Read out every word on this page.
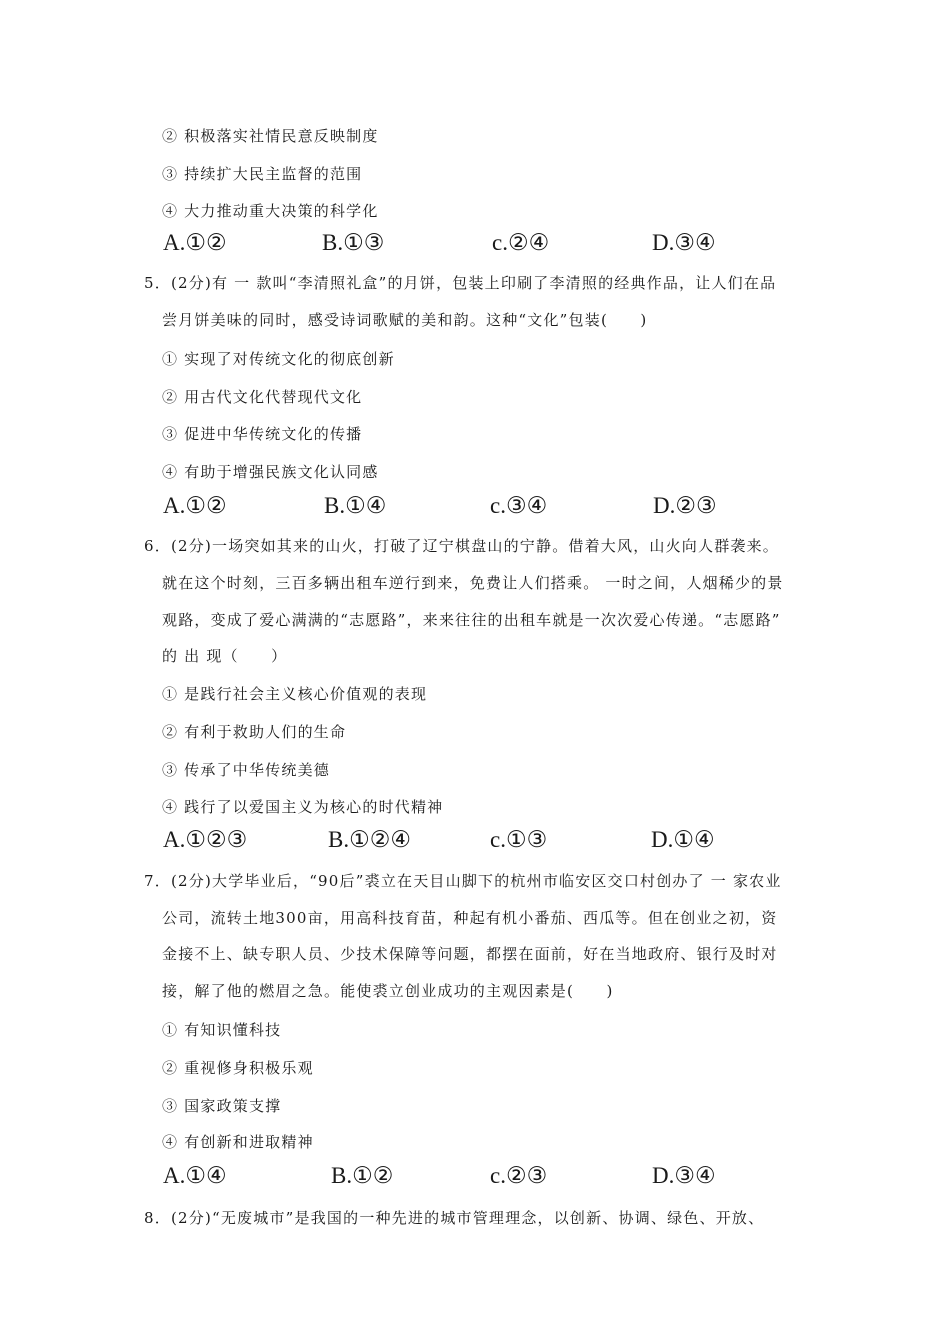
② 积极落实社情民意反映制度
③ 持续扩大民主监督的范围
④ 大力推动重大决策的科学化
A.①②	B.①③	c.②④	D.③④
5．(2分)有 一 款叫“李清照礼盒”的月饼，包装上印刷了李清照的经典作品，让人们在品
尝月饼美味的同时，感受诗词歌赋的美和韵。这种“文化”包装(　　)
① 实现了对传统文化的彻底创新
② 用古代文化代替现代文化
③ 促进中华传统文化的传播
④ 有助于增强民族文化认同感
A.①②	B.①④	c.③④	D.②③
6．(2分)一场突如其来的山火，打破了辽宁棋盘山的宁静。借着大风，山火向人群袭来。
就在这个时刻，三百多辆出租车逆行到来，免费让人们搭乘。 一时之间，人烟稀少的景
观路，变成了爱心满满的“志愿路”，来来往往的出租车就是一次次爱心传递。“志愿路”
的 出 现（　　）
① 是践行社会主义核心价值观的表现
② 有利于救助人们的生命
③ 传承了中华传统美德
④ 践行了以爱国主义为核心的时代精神
A.①②③	B.①②④	c.①③	D.①④
7．(2分)大学毕业后，“90后”裘立在天目山脚下的杭州市临安区交口村创办了 一 家农业
公司，流转土地300亩，用高科技育苗，种起有机小番茄、西瓜等。但在创业之初，资
金接不上、缺专职人员、少技术保障等问题，都摆在面前，好在当地政府、银行及时对
接，解了他的燃眉之急。能使裘立创业成功的主观因素是(　　)
① 有知识懂科技
② 重视修身积极乐观
③ 国家政策支撑
④ 有创新和进取精神
A.①④	B.①②	c.②③	D.③④
8．(2分)“无废城市”是我国的一种先进的城市管理理念，以创新、协调、绿色、开放、
